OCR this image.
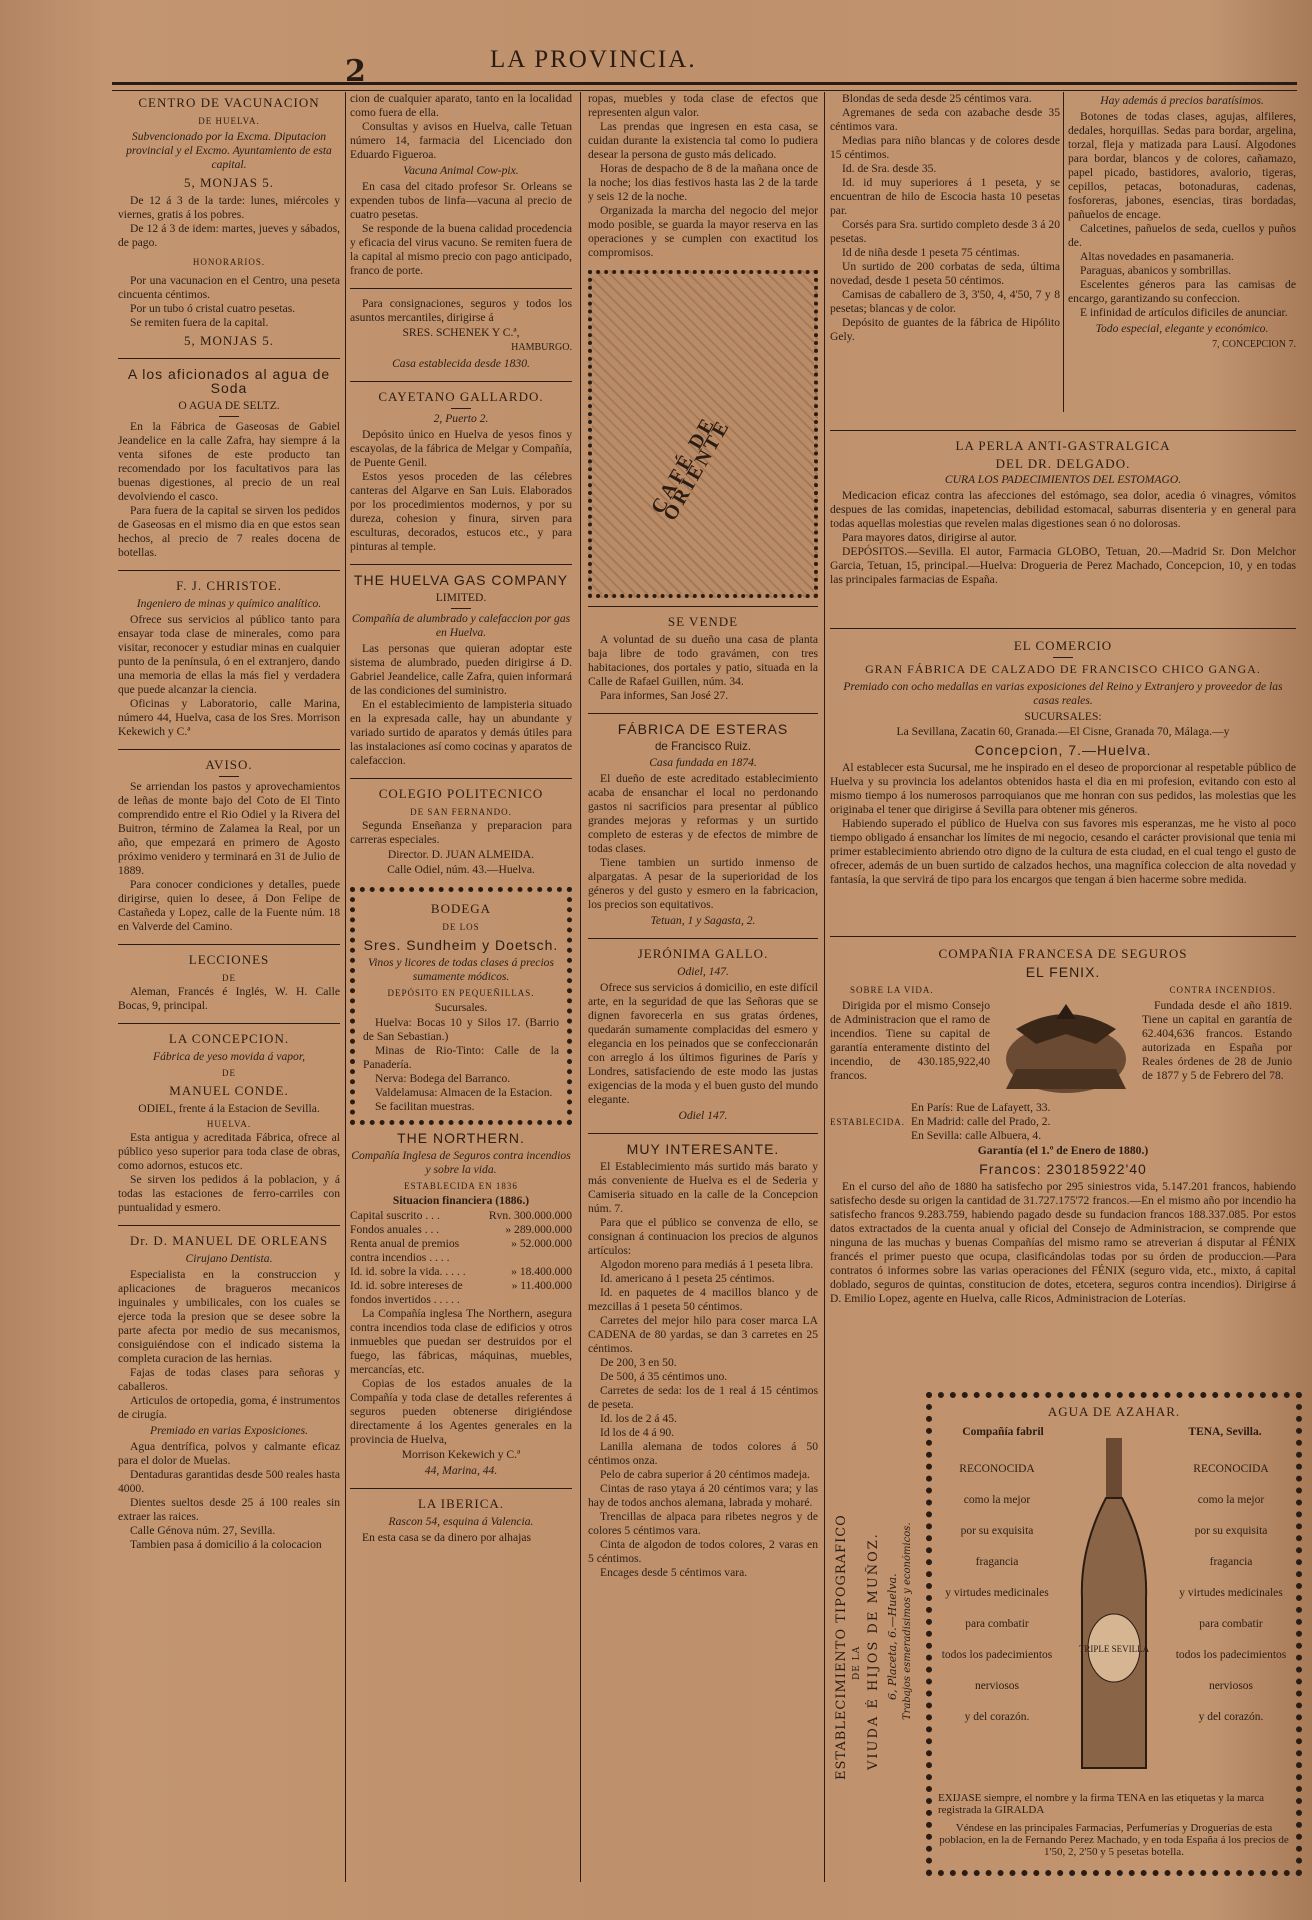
2	LA PROVINCIA.
CENTRO DE VACUNACION
DE HUELVA.
Subvencionado por la Excma. Diputacion provincial y el Excmo. Ayuntamiento de esta capital.
5, MONJAS 5.

De 12 á 3 de la tarde: lunes, miércoles y viernes, gratis á los pobres.

De 12 á 3 de idem: martes, jueves y sábados, de pago.

HONORARIOS.

Por una vacunacion en el Centro, una peseta cincuenta céntimos.

Por un tubo ó cristal cuatro pesetas.

Se remiten fuera de la capital.

5, MONJAS 5.
A los aficionados al agua de Soda
O AGUA DE SELTZ.

En la Fábrica de Gaseosas de Gabiel Jeandelice en la calle Zafra, hay siempre á la venta sifones de este producto tan recomendado por los facultativos para las buenas digestiones, al precio de un real devolviendo el casco.

Para fuera de la capital se sirven los pedidos de Gaseosas en el mismo dia en que estos sean hechos, al precio de 7 reales docena de botellas.

F. J. CHRISTOE.
Ingeniero de minas y químico analítico.

Ofrece sus servicios al público tanto para ensayar toda clase de minerales, como para visitar, reconocer y estudiar minas en cualquier punto de la península, ó en el extranjero, dando una memoria de ellas la más fiel y verdadera que puede alcanzar la ciencia.

Oficinas y Laboratorio, calle Marina, número 44, Huelva, casa de los Sres. Morrison Kekewich y C.ª

AVISO.

Se arriendan los pastos y aprovechamientos de leñas de monte bajo del Coto de El Tinto comprendido entre el Rio Odiel y la Rivera del Buitron, término de Zalamea la Real, por un año, que empezará en primero de Agosto próximo venidero y terminará en 31 de Julio de 1889.

Para conocer condiciones y detalles, puede dirigirse, quien lo desee, á Don Felipe de Castañeda y Lopez, calle de la Fuente núm. 18 en Valverde del Camino.

LECCIONES
DE

Aleman, Francés é Inglés, W. H. Calle Bocas, 9, principal.

LA CONCEPCION.
Fábrica de yeso movida á vapor,
DE
MANUEL CONDE.
ODIEL, frente á la Estacion de Sevilla.
HUELVA.

Esta antigua y acreditada Fábrica, ofrece al público yeso superior para toda clase de obras, como adornos, estucos etc.

Se sirven los pedidos á la poblacion, y á todas las estaciones de ferro-carriles con puntualidad y esmero.

Dr. D. MANUEL DE ORLEANS
Cirujano Dentista.

Especialista en la construccion y aplicaciones de bragueros mecanicos inguinales y umbilicales, con los cuales se ejerce toda la presion que se desee sobre la parte afecta por medio de sus mecanismos, consiguiéndose con el indicado sistema la completa curacion de las hernias.

Fajas de todas clases para señoras y caballeros.

Articulos de ortopedia, goma, é instrumentos de cirugía.

Premiado en varias Exposiciones.

Agua dentrífica, polvos y calmante eficaz para el dolor de Muelas.

Dentaduras garantidas desde 500 reales hasta 4000.

Dientes sueltos desde 25 á 100 reales sin extraer las raices.

Calle Génova núm. 27, Sevilla.

Tambien pasa á domicilio á la colocacion

cion de cualquier aparato, tanto en la localidad como fuera de ella.

Consultas y avisos en Huelva, calle Tetuan número 14, farmacia del Licenciado don Eduardo Figueroa.

Vacuna Animal Cow-pix.

En casa del citado profesor Sr. Orleans se expenden tubos de linfa—vacuna al precio de cuatro pesetas.

Se responde de la buena calidad procedencia y eficacia del virus vacuno. Se remiten fuera de la capital al mismo precio con pago anticipado, franco de porte.

Para consignaciones, seguros y todos los asuntos mercantiles, dirigirse á

SRES. SCHENEK Y C.ª,
HAMBURGO.
Casa establecida desde 1830.
CAYETANO GALLARDO.
2, Puerto 2.

Depósito único en Huelva de yesos finos y escayolas, de la fábrica de Melgar y Compañía, de Puente Genil.

Estos yesos proceden de las célebres canteras del Algarve en San Luis. Elaborados por los procedimientos modernos, y por su dureza, cohesion y finura, sirven para esculturas, decorados, estucos etc., y para pinturas al temple.

THE HUELVA GAS COMPANY
LIMITED.
Compañía de alumbrado y calefaccion por gas en Huelva.

Las personas que quieran adoptar este sistema de alumbrado, pueden dirigirse á D. Gabriel Jeandelice, calle Zafra, quien informará de las condiciones del suministro.

En el establecimiento de lampisteria situado en la expresada calle, hay un abundante y variado surtido de aparatos y demás útiles para las instalaciones así como cocinas y aparatos de calefaccion.

COLEGIO POLITECNICO
DE SAN FERNANDO.

Segunda Enseñanza y preparacion para carreras especiales.

Director. D. JUAN ALMEIDA.
Calle Odiel, núm. 43.—Huelva.
BODEGA
DE LOS
Sres. Sundheim y Doetsch.
Vinos y licores de todas clases á precios sumamente módicos.
DEPÓSITO EN PEQUEÑILLAS.
Sucursales.

Huelva: Bocas 10 y Silos 17. (Barrio de San Sebastian.)

Minas de Rio-Tinto: Calle de la Panadería.

Nerva: Bodega del Barranco.

Valdelamusa: Almacen de la Estacion.

Se facilitan muestras.

THE NORTHERN.
Compañía Inglesa de Seguros contra incendios y sobre la vida.
ESTABLECIDA EN 1836
Situacion financiera (1886.)
Capital suscrito . . .	Rvn. 300.000.000
Fondos anuales . . .	» 289.000.000
Renta anual de premios contra incendios . . . .
» 52.000.000
Id. id. sobre la vida. . . . .	» 18.400.000
Id. id. sobre intereses de fondos invertidos . . . . .
» 11.400.000

La Compañía inglesa The Northern, asegura contra incendios toda clase de edificios y otros inmuebles que puedan ser destruidos por el fuego, las fábricas, máquinas, muebles, mercancías, etc.

Copias de los estados anuales de la Compañía y toda clase de detalles referentes á seguros pueden obtenerse dirigiéndose directamente á los Agentes generales en la provincia de Huelva,

Morrison Kekewich y C.ª
44, Marina, 44.
LA IBERICA.
Rascon 54, esquina á Valencia.

En esta casa se da dinero por alhajas

ropas, muebles y toda clase de efectos que representen algun valor.

Las prendas que ingresen en esta casa, se cuidan durante la existencia tal como lo pudiera desear la persona de gusto más delicado.

Horas de despacho de 8 de la mañana once de la noche; los dias festivos hasta las 2 de la tarde y seis 12 de la noche.

Organizada la marcha del negocio del mejor modo posible, se guarda la mayor reserva en las operaciones y se cumplen con exactitud los compromisos.

CAFÉ DE ORIENTE
SE VENDE

A voluntad de su dueño una casa de planta baja libre de todo gravámen, con tres habitaciones, dos portales y patio, situada en la Calle de Rafael Guillen, núm. 34.

Para informes, San José 27.

FÁBRICA DE ESTERAS
de Francisco Ruiz.
Casa fundada en 1874.

El dueño de este acreditado establecimiento acaba de ensanchar el local no perdonando gastos ni sacrificios para presentar al público grandes mejoras y reformas y un surtido completo de esteras y de efectos de mimbre de todas clases.

Tiene tambien un surtido inmenso de alpargatas. A pesar de la superioridad de los géneros y del gusto y esmero en la fabricacion, los precios son equitativos.

Tetuan, 1 y Sagasta, 2.
JERÓNIMA GALLO.
Odiel, 147.

Ofrece sus servicios á domicilio, en este difícil arte, en la seguridad de que las Señoras que se dignen favorecerla en sus gratas órdenes, quedarán sumamente complacidas del esmero y elegancia en los peinados que se confeccionarán con arreglo á los últimos figurines de París y Londres, satisfaciendo de este modo las justas exigencias de la moda y el buen gusto del mundo elegante.

Odiel 147.
MUY INTERESANTE.

El Establecimiento más surtido más barato y más conveniente de Huelva es el de Sederia y Camiseria situado en la calle de la Concepcion núm. 7.

Para que el público se convenza de ello, se consignan á continuacion los precios de algunos artículos:

Algodon moreno para mediás á 1 peseta libra.

Id. americano á 1 peseta 25 céntimos.

Id. en paquetes de 4 macillos blanco y de mezcillas á 1 peseta 50 céntimos.

Carretes del mejor hilo para coser marca LA CADENA de 80 yardas, se dan 3 carretes en 25 céntimos.

De 200, 3 en 50.

De 500, á 35 céntimos uno.

Carretes de seda: los de 1 real á 15 céntimos de peseta.

Id. los de 2 á 45.

Id los de 4 á 90.

Lanilla alemana de todos colores á 50 céntimos onza.

Pelo de cabra superior á 20 céntimos madeja.

Cintas de raso ytaya á 20 céntimos vara; y las hay de todos anchos alemana, labrada y moharé.

Trencillas de alpaca para ribetes negros y de colores 5 céntimos vara.

Cinta de algodon de todos colores, 2 varas en 5 céntimos.

Encages desde 5 céntimos vara.

Blondas de seda desde 25 céntimos vara.

Agremanes de seda con azabache desde 35 céntimos vara.

Medias para niño blancas y de colores desde 15 céntimos.

Id. de Sra. desde 35.

Id. id muy superiores á 1 peseta, y se encuentran de hilo de Escocia hasta 10 pesetas par.

Corsés para Sra. surtido completo desde 3 á 20 pesetas.

Id de niña desde 1 peseta 75 céntimas.

Un surtido de 200 corbatas de seda, última novedad, desde 1 peseta 50 céntimos.

Camisas de caballero de 3, 3'50, 4, 4'50, 7 y 8 pesetas; blancas y de color.

Depósito de guantes de la fábrica de Hipólito Gely.

Hay además á precios baratísimos.

Botones de todas clases, agujas, alfileres, dedales, horquillas. Sedas para bordar, argelina, torzal, fleja y matizada para Lausí. Algodones para bordar, blancos y de colores, cañamazo, papel picado, bastidores, avalorio, tigeras, cepillos, petacas, botonaduras, cadenas, fosforeras, jabones, esencias, tiras bordadas, pañuelos de encage.

Calcetines, pañuelos de seda, cuellos y puños de.

Altas novedades en pasamaneria.

Paraguas, abanicos y sombrillas.

Escelentes géneros para las camisas de encargo, garantizando su confeccion.

E infinidad de artículos dificiles de anunciar.

Todo especial, elegante y económico.
7, CONCEPCION 7.
LA PERLA ANTI-GASTRALGICA
DEL DR. DELGADO.
CURA LOS PADECIMIENTOS DEL ESTOMAGO.

Medicacion eficaz contra las afecciones del estómago, sea dolor, acedia ó vinagres, vómitos despues de las comidas, inapetencias, debilidad estomacal, saburras disenteria y en general para todas aquellas molestias que revelen malas digestiones sean ó no dolorosas.

Para mayores datos, dirigirse al autor.

DEPÓSITOS.—Sevilla. El autor, Farmacia GLOBO, Tetuan, 20.—Madrid Sr. Don Melchor Garcia, Tetuan, 15, principal.—Huelva: Drogueria de Perez Machado, Concepcion, 10, y en todas las principales farmacias de España.

EL COMERCIO
GRAN FÁBRICA DE CALZADO DE FRANCISCO CHICO GANGA.
Premiado con ocho medallas en varias exposiciones del Reino y Extranjero y proveedor de las casas reales.
SUCURSALES:
La Sevillana, Zacatin 60, Granada.—El Cisne, Granada 70, Málaga.—y
Concepcion, 7.—Huelva.

Al establecer esta Sucursal, me he inspirado en el deseo de proporcionar al respetable público de Huelva y su provincia los adelantos obtenidos hasta el dia en mi profesion, evitando con esto al mismo tiempo á los numerosos parroquianos que me honran con sus pedidos, las molestias que les originaba el tener que dirigirse á Sevilla para obtener mis géneros.

Habiendo superado el público de Huelva con sus favores mis esperanzas, me he visto al poco tiempo obligado á ensanchar los límites de mi negocio, cesando el carácter provisional que tenia mi primer establecimiento abriendo otro digno de la cultura de esta ciudad, en el cual tengo el gusto de ofrecer, además de un buen surtido de calzados hechos, una magnífica coleccion de alta novedad y fantasía, la que servirá de tipo para los encargos que tengan á bien hacerme sobre medida.

COMPAÑIA FRANCESA DE SEGUROS
EL FENIX.
SOBRE LA VIDA.	CONTRA INCENDIOS.

Dirigida por el mismo Consejo de Administracion que el ramo de incendios. Tiene su capital de garantía enteramente distinto del incendio, de 430.185,922,40 francos.

Fundada desde el año 1819. Tiene un capital en garantía de 62.404,636 francos. Estando autorizada en España por Reales órdenes de 28 de Junio de 1877 y 5 de Febrero del 78.

ESTABLECIDA.
En París: Rue de Lafayett, 33.
En Madrid: calle del Prado, 2.
En Sevilla: calle Albuera, 4.
Garantía (el 1.º de Enero de 1880.)
Francos: 230185922'40

En el curso del año de 1880 ha satisfecho por 295 siniestros vida, 5.147.201 francos, habiendo satisfecho desde su origen la cantidad de 31.727.175'72 francos.—En el mismo año por incendio ha satisfecho francos 9.283.759, habiendo pagado desde su fundacion francos 188.337.085. Por estos datos extractados de la cuenta anual y oficial del Consejo de Administracion, se comprende que ninguna de las muchas y buenas Compañías del mismo ramo se atreverian á disputar al FÉNIX francés el primer puesto que ocupa, clasificándolas todas por su órden de produccion.—Para contratos ó informes sobre las varias operaciones del FÉNIX (seguro vida, etc., mixto, á capital doblado, seguros de quintas, constitucion de dotes, etcetera, seguros contra incendios). Dirigirse á D. Emilio Lopez, agente en Huelva, calle Ricos, Administracion de Loterías.

ESTABLECIMIENTO TIPOGRAFICO DE LA VIUDA É HIJOS DE MUÑOZ. 6, Placeta, 6.—Huelva. Trabajos esmeradisimos y económicos.
AGUA DE AZAHAR.
Compañía fabril	TENA, Sevilla.
RECONOCIDA
como la mejor
por su exquisita
fragancia
y virtudes medicinales
para combatir
todos los padecimientos
nerviosos
y del corazón.
RECONOCIDA
como la mejor
por su exquisita
fragancia
y virtudes medicinales
para combatir
todos los padecimientos
nerviosos
y del corazón.
TRIPLE SEVILLA
EXIJASE siempre, el nombre y la firma TENA en las etiquetas y la marca registrada la GIRALDA
Véndese en las principales Farmacias, Perfumerías y Droguerías de esta poblacion, en la de Fernando Perez Machado, y en toda España á los precios de 1'50, 2, 2'50 y 5 pesetas botella.
